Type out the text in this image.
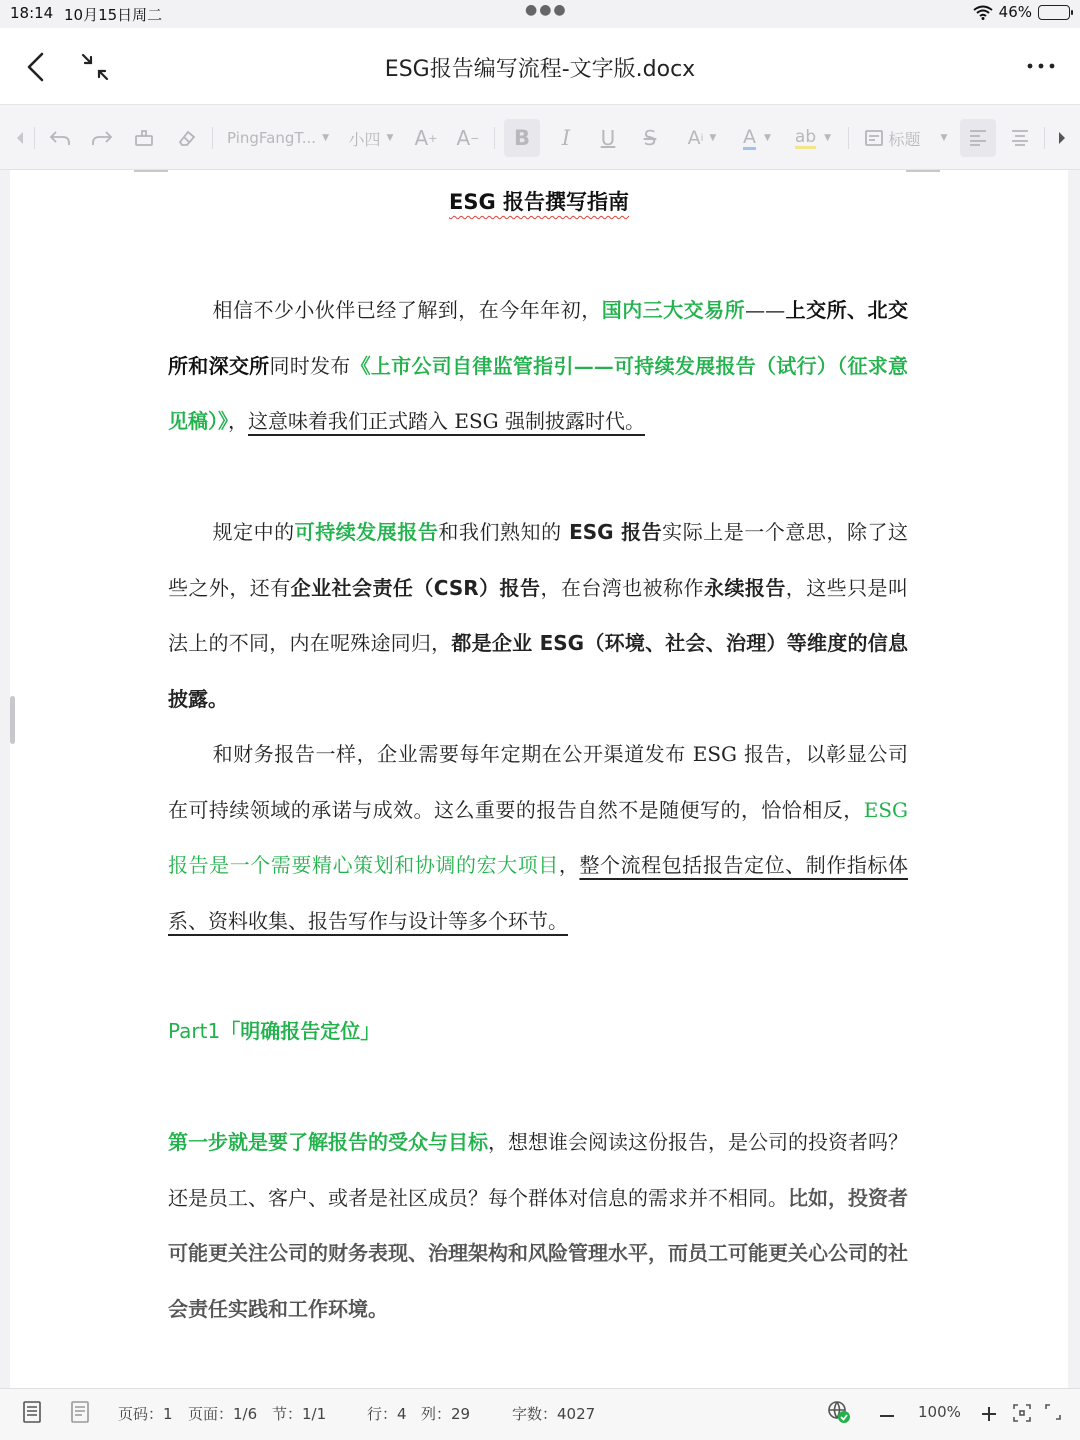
18:14 10月15日周二	●●●	46%
ESG报告编写流程-文字版.docx
PingFangT... ▼ 小四 ▼ A + A −	B	I	U	S	A i ▼ A ▼ ab ▼	标题 ▼
ESG 报告撰写指南
相信不少小伙伴已经了解到，在今年年初，国内三大交易所——上交所、北交所和深交所同时发布《上市公司自律监管指引——可持续发展报告（试行）（征求意见稿）》，这意味着我们正式踏入 ESG 强制披露时代。
规定中的可持续发展报告和我们熟知的 ESG 报告实际上是一个意思，除了这些之外，还有企业社会责任（CSR）报告，在台湾也被称作永续报告，这些只是叫法上的不同，内在呢殊途同归，都是企业 ESG（环境、社会、治理）等维度的信息披露。
和财务报告一样，企业需要每年定期在公开渠道发布 ESG 报告，以彰显公司在可持续领域的承诺与成效。这么重要的报告自然不是随便写的，恰恰相反，ESG 报告是一个需要精心策划和协调的宏大项目，整个流程包括报告定位、制作指标体系、资料收集、报告写作与设计等多个环节。
Part1「明确报告定位」
第一步就是要了解报告的受众与目标，想想谁会阅读这份报告，是公司的投资者吗？还是员工、客户、或者是社区成员？每个群体对信息的需求并不相同。比如，投资者可能更关注公司的财务表现、治理架构和风险管理水平，而员工可能更关心公司的社会责任实践和工作环境。
页码：1 页面：1/6 节：1/1	行：4 列：29	字数：4027	100%
